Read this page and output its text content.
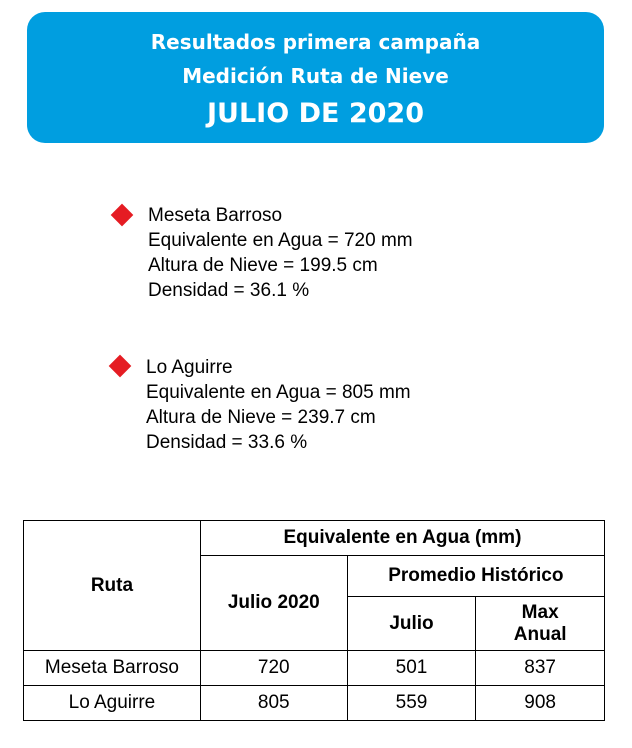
Resultados primera campaña
Medición Ruta de Nieve
JULIO DE 2020
Meseta Barroso
Equivalente en Agua = 720 mm
Altura de Nieve = 199.5 cm
Densidad = 36.1 %
Lo Aguirre
Equivalente en Agua = 805 mm
Altura de Nieve = 239.7 cm
Densidad = 33.6 %
Ruta	Equivalente en Agua (mm)		
	Julio 2020	Promedio Histórico	
		Julio	Max
Anual
Meseta Barroso	720	501	837
Lo Aguirre	805	559	908
